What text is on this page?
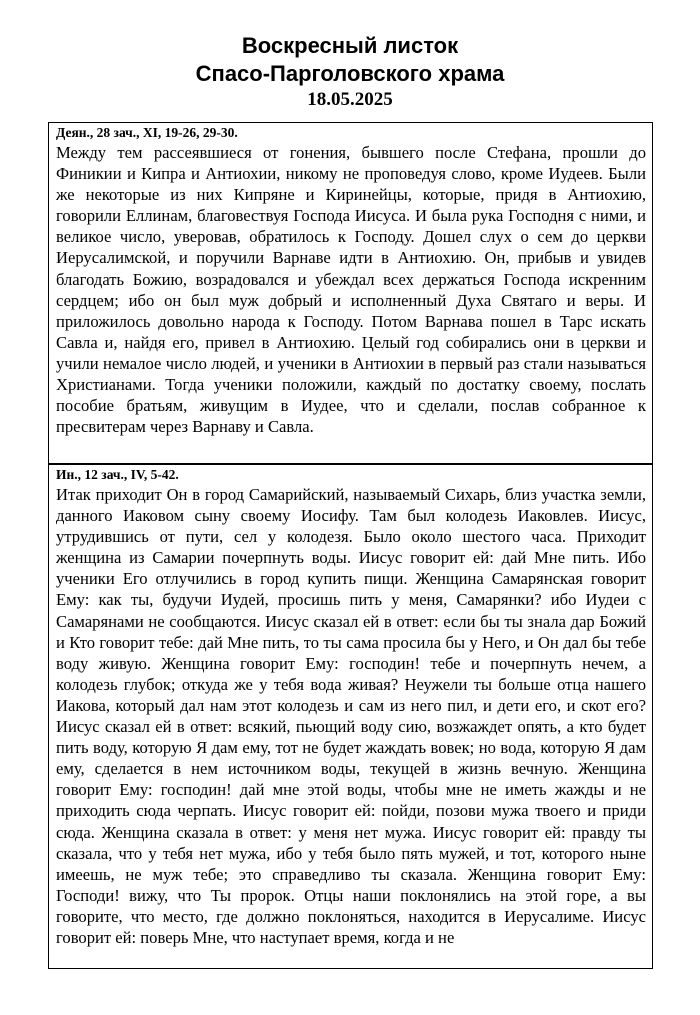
Воскресный листок
Спасо-Парголовского храма
18.05.2025
Деян., 28 зач., XI, 19-26, 29-30.

Между тем рассеявшиеся от гонения, бывшего после Стефана, прошли до Финикии и Кипра и Антиохии, никому не проповедуя слово, кроме Иудеев. Были же некоторые из них Кипряне и Киринейцы, которые, придя в Антиохию, говорили Еллинам, благовествуя Господа Иисуса. И была рука Господня с ними, и великое число, уверовав, обратилось к Господу. Дошел слух о сем до церкви Иерусалимской, и поручили Варнаве идти в Антиохию. Он, прибыв и увидев благодать Божию, возрадовался и убеждал всех держаться Господа искренним сердцем; ибо он был муж добрый и исполненный Духа Святаго и веры. И приложилось довольно народа к Господу. Потом Варнава пошел в Тарс искать Савла и, найдя его, привел в Антиохию. Целый год собирались они в церкви и учили немалое число людей, и ученики в Антиохии в первый раз стали называться Христианами. Тогда ученики положили, каждый по достатку своему, послать пособие братьям, живущим в Иудее, что и сделали, послав собранное к пресвитерам через Варнаву и Савла.

Ин., 12 зач., IV, 5-42.

Итак приходит Он в город Самарийский, называемый Сихарь, близ участка земли, данного Иаковом сыну своему Иосифу. Там был колодезь Иаковлев. Иисус, утрудившись от пути, сел у колодезя. Было около шестого часа. Приходит женщина из Самарии почерпнуть воды. Иисус говорит ей: дай Мне пить. Ибо ученики Его отлучились в город купить пищи. Женщина Самарянская говорит Ему: как ты, будучи Иудей, просишь пить у меня, Самарянки? ибо Иудеи с Самарянами не сообщаются. Иисус сказал ей в ответ: если бы ты знала дар Божий и Кто говорит тебе: дай Мне пить, то ты сама просила бы у Него, и Он дал бы тебе воду живую. Женщина говорит Ему: господин! тебе и почерпнуть нечем, а колодезь глубок; откуда же у тебя вода живая? Неужели ты больше отца нашего Иакова, который дал нам этот колодезь и сам из него пил, и дети его, и скот его? Иисус сказал ей в ответ: всякий, пьющий воду сию, возжаждет опять, а кто будет пить воду, которую Я дам ему, тот не будет жаждать вовек; но вода, которую Я дам ему, сделается в нем источником воды, текущей в жизнь вечную. Женщина говорит Ему: господин! дай мне этой воды, чтобы мне не иметь жажды и не приходить сюда черпать. Иисус говорит ей: пойди, позови мужа твоего и приди сюда. Женщина сказала в ответ: у меня нет мужа. Иисус говорит ей: правду ты сказала, что у тебя нет мужа, ибо у тебя было пять мужей, и тот, которого ныне имеешь, не муж тебе; это справедливо ты сказала. Женщина говорит Ему: Господи! вижу, что Ты пророк. Отцы наши поклонялись на этой горе, а вы говорите, что место, где должно поклоняться, находится в Иерусалиме. Иисус говорит ей: поверь Мне, что наступает время, когда и не
